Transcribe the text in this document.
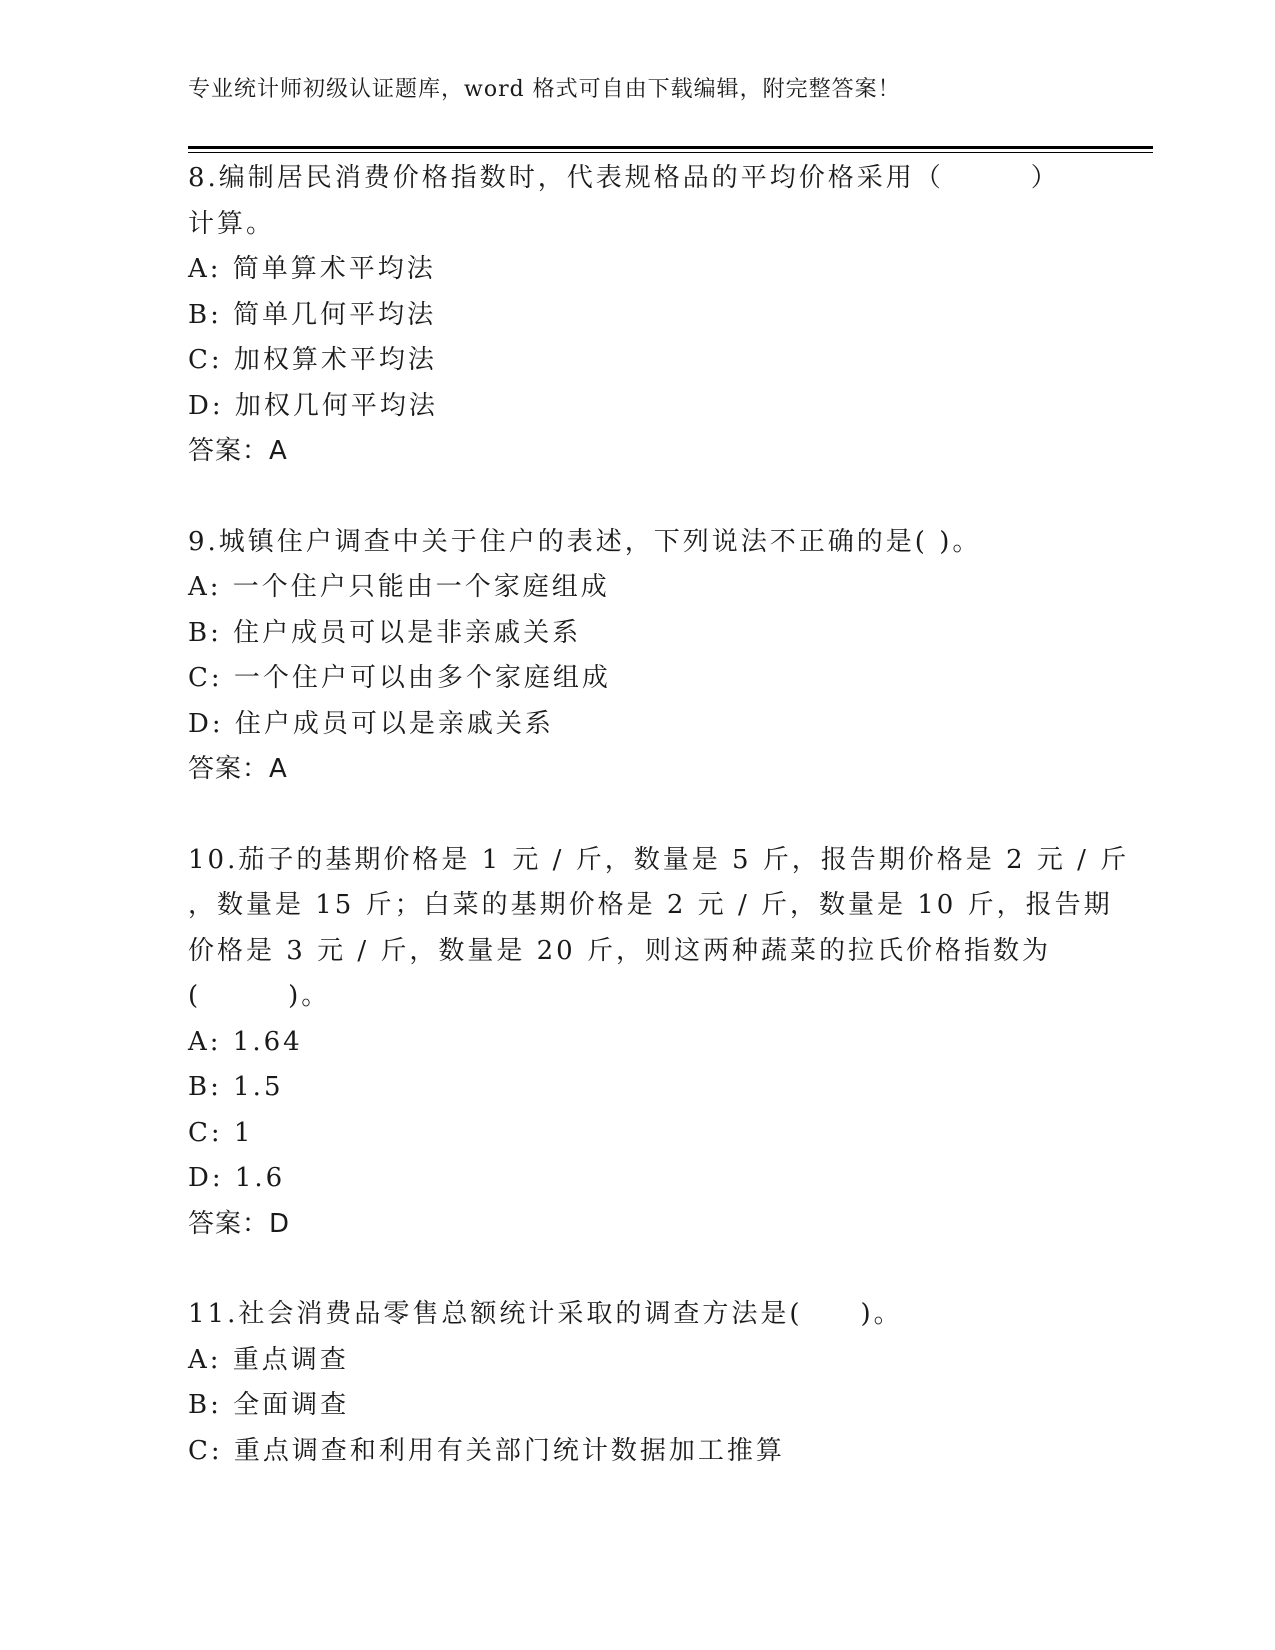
专业统计师初级认证题库，word 格式可自由下载编辑，附完整答案！
8.编制居民消费价格指数时，代表规格品的平均价格采用（　　　）
计算。
A: 简单算术平均法
B: 简单几何平均法
C: 加权算术平均法
D: 加权几何平均法
答案：A
9.城镇住户调查中关于住户的表述，下列说法不正确的是( )。
A: 一个住户只能由一个家庭组成
B: 住户成员可以是非亲戚关系
C: 一个住户可以由多个家庭组成
D: 住户成员可以是亲戚关系
答案：A
10.茄子的基期价格是 1 元 / 斤，数量是 5 斤，报告期价格是 2 元 / 斤
，数量是 15 斤；白菜的基期价格是 2 元 / 斤，数量是 10 斤，报告期
价格是 3 元 / 斤，数量是 20 斤，则这两种蔬菜的拉氏价格指数为
(　　　)。
A: 1.64
B: 1.5
C: 1
D: 1.6
答案：D
11.社会消费品零售总额统计采取的调查方法是(　　)。
A: 重点调查
B: 全面调查
C: 重点调查和利用有关部门统计数据加工推算
